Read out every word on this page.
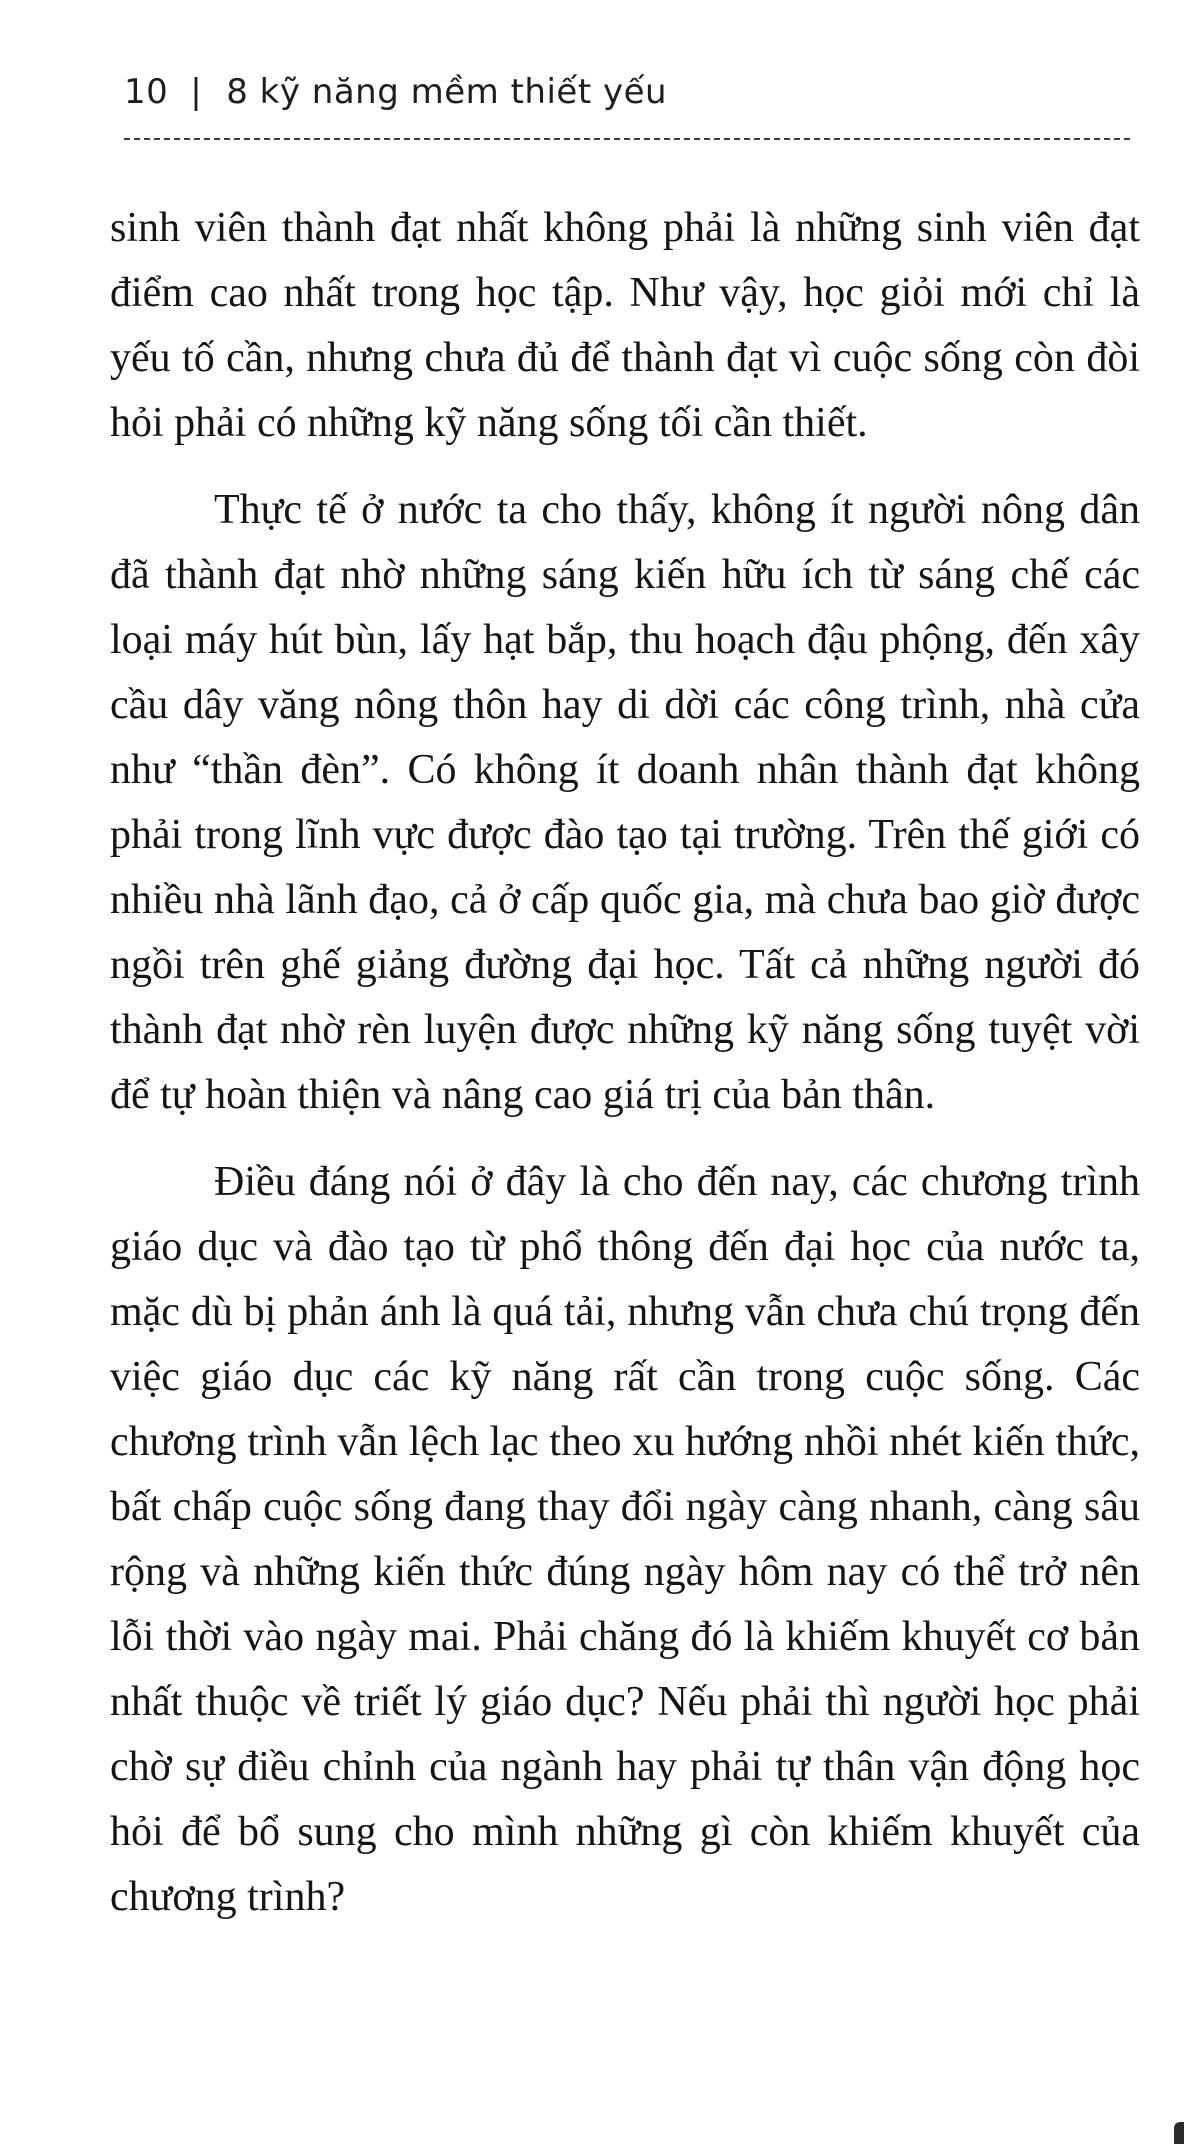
10 | 8 kỹ năng mềm thiết yếu

sinh viên thành đạt nhất không phải là những sinh viên đạt điểm cao nhất trong học tập. Như vậy, học giỏi mới chỉ là yếu tố cần, nhưng chưa đủ để thành đạt vì cuộc sống còn đòi hỏi phải có những kỹ năng sống tối cần thiết.

Thực tế ở nước ta cho thấy, không ít người nông dân đã thành đạt nhờ những sáng kiến hữu ích từ sáng chế các loại máy hút bùn, lấy hạt bắp, thu hoạch đậu phộng, đến xây cầu dây văng nông thôn hay di dời các công trình, nhà cửa như “thần đèn”. Có không ít doanh nhân thành đạt không phải trong lĩnh vực được đào tạo tại trường. Trên thế giới có nhiều nhà lãnh đạo, cả ở cấp quốc gia, mà chưa bao giờ được ngồi trên ghế giảng đường đại học. Tất cả những người đó thành đạt nhờ rèn luyện được những kỹ năng sống tuyệt vời để tự hoàn thiện và nâng cao giá trị của bản thân.

Điều đáng nói ở đây là cho đến nay, các chương trình giáo dục và đào tạo từ phổ thông đến đại học của nước ta, mặc dù bị phản ánh là quá tải, nhưng vẫn chưa chú trọng đến việc giáo dục các kỹ năng rất cần trong cuộc sống. Các chương trình vẫn lệch lạc theo xu hướng nhồi nhét kiến thức, bất chấp cuộc sống đang thay đổi ngày càng nhanh, càng sâu rộng và những kiến thức đúng ngày hôm nay có thể trở nên lỗi thời vào ngày mai. Phải chăng đó là khiếm khuyết cơ bản nhất thuộc về triết lý giáo dục? Nếu phải thì người học phải chờ sự điều chỉnh của ngành hay phải tự thân vận động học hỏi để bổ sung cho mình những gì còn khiếm khuyết của chương trình?
